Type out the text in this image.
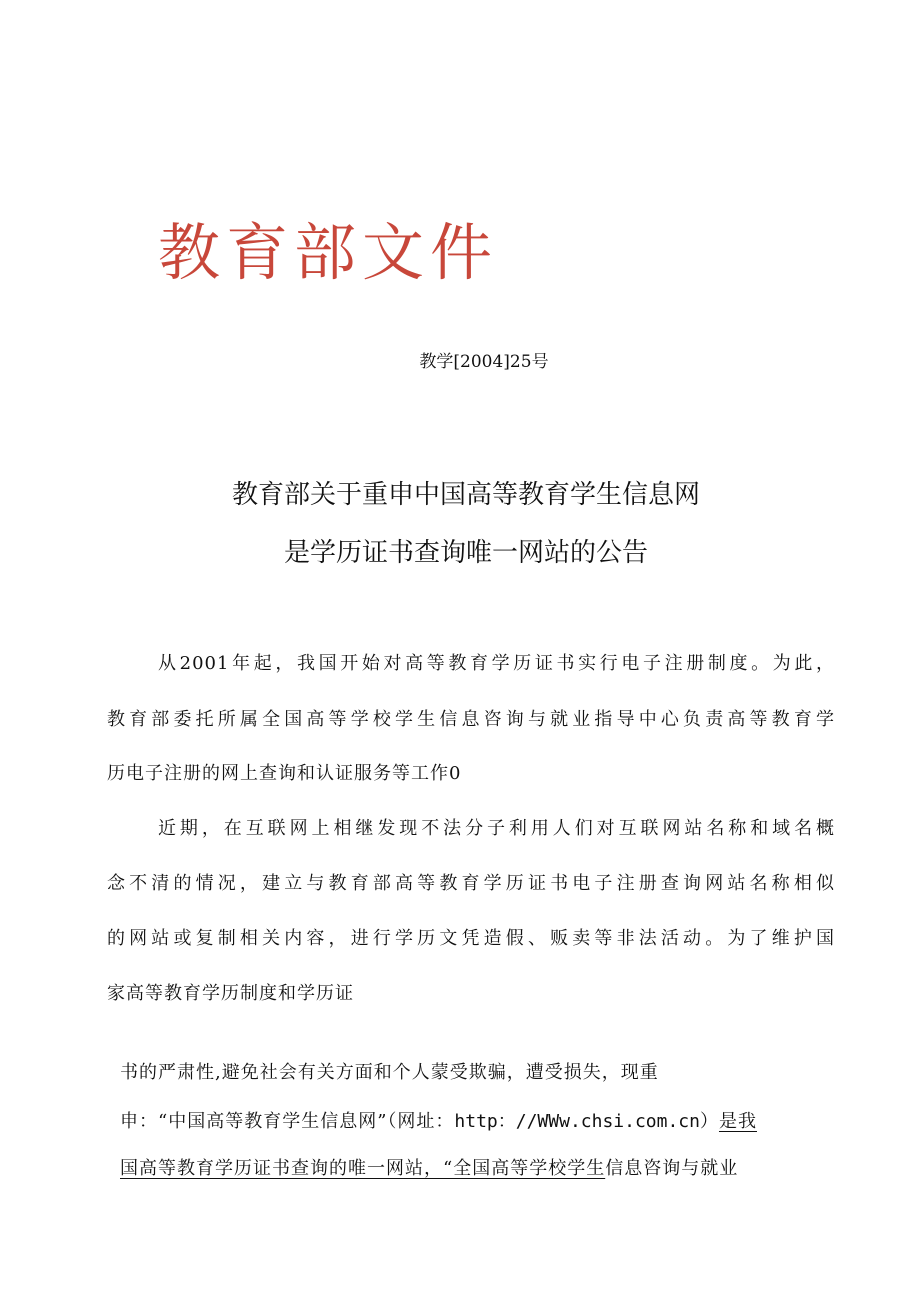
教育部文件
教学[2004]25号
教育部关于重申中国高等教育学生信息网
是学历证书查询唯一网站的公告
从2001年起，我国开始对高等教育学历证书实行电子注册制度。为此，
教育部委托所属全国高等学校学生信息咨询与就业指导中心负责高等教育学
历电子注册的网上查询和认证服务等工作0
近期，在互联网上相继发现不法分子利用人们对互联网站名称和域名概
念不清的情况，建立与教育部高等教育学历证书电子注册查询网站名称相似
的网站或复制相关内容，进行学历文凭造假、贩卖等非法活动。为了维护国
家高等教育学历制度和学历证
书的严肃性,避免社会有关方面和个人蒙受欺骗，遭受损失，现重
申：“中国高等教育学生信息网”（网址：http：//WWw.chsi.com.cn）是我
国高等教育学历证书查询的唯一网站，“全国高等学校学生信息咨询与就业
